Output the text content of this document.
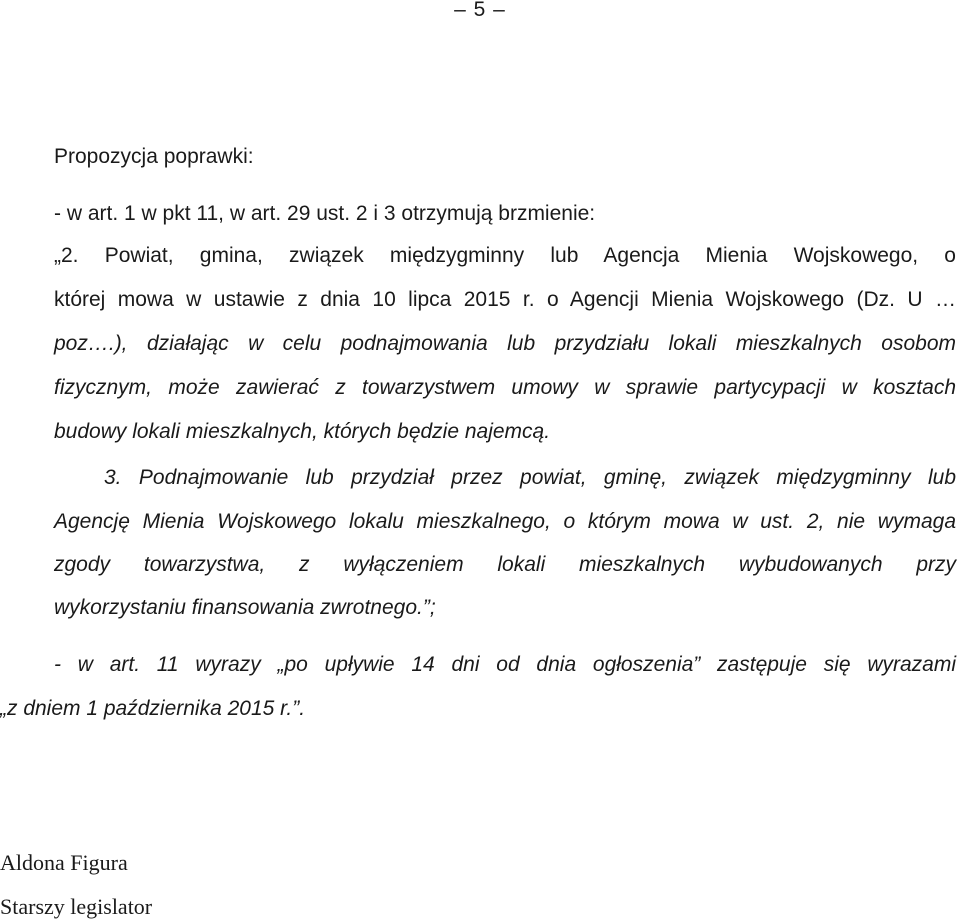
– 5 –
Propozycja poprawki:
- w art. 1 w pkt 11, w art. 29 ust. 2 i 3 otrzymują brzmienie:
„2. Powiat, gmina, związek międzygminny lub Agencja Mienia Wojskowego, o
której mowa w ustawie z dnia 10 lipca 2015 r. o Agencji Mienia Wojskowego (Dz. U …
poz….), działając w celu podnajmowania lub przydziału lokali mieszkalnych osobom
fizycznym, może zawierać z towarzystwem umowy w sprawie partycypacji w kosztach
budowy lokali mieszkalnych, których będzie najemcą.
3. Podnajmowanie lub przydział przez powiat, gminę, związek międzygminny lub
Agencję Mienia Wojskowego lokalu mieszkalnego, o którym mowa w ust. 2, nie wymaga
zgody towarzystwa, z wyłączeniem lokali mieszkalnych wybudowanych przy
wykorzystaniu finansowania zwrotnego.”;
- w art. 11 wyrazy „po upływie 14 dni od dnia ogłoszenia” zastępuje się wyrazami
„z dniem 1 października 2015 r.”.
Aldona Figura
Starszy legislator
